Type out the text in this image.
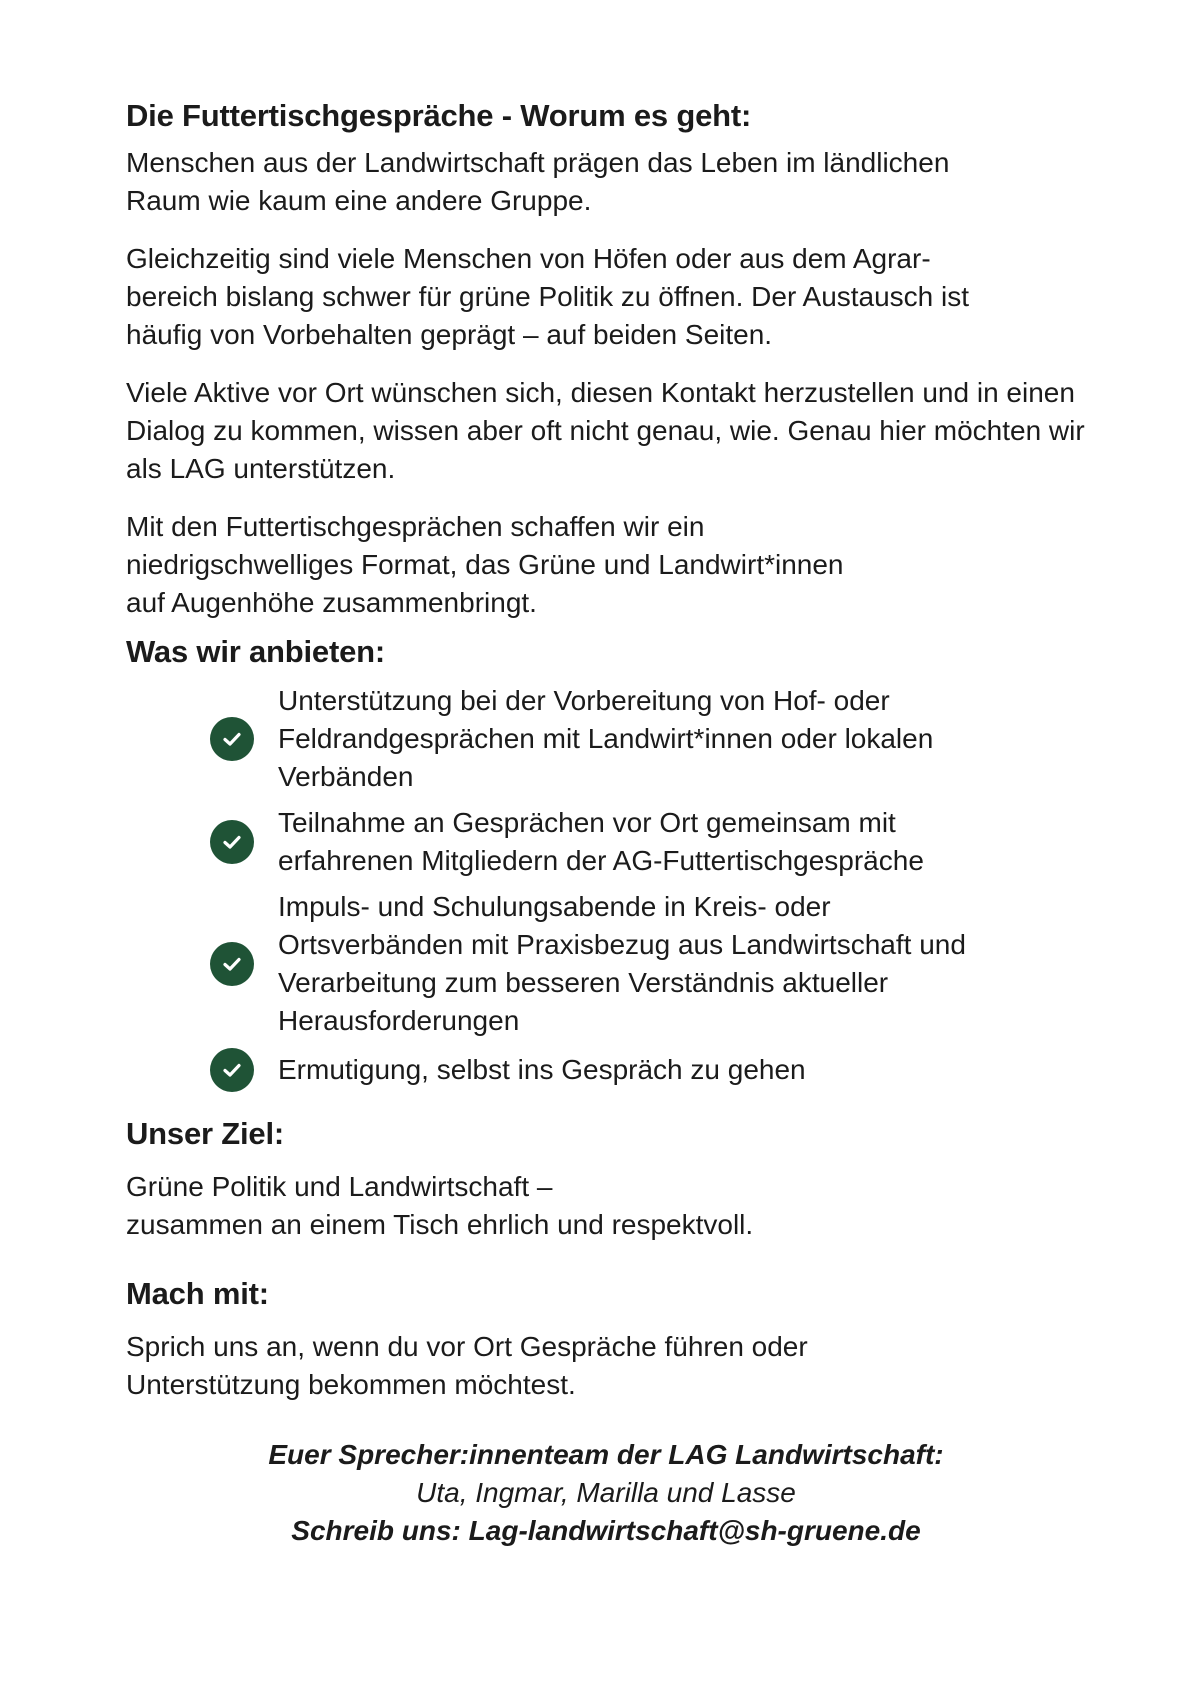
Die Futtertischgespräche - Worum es geht:

Menschen aus der Landwirtschaft prägen das Leben im ländlichen Raum wie kaum eine andere Gruppe.

Gleichzeitig sind viele Menschen von Höfen oder aus dem Agrar-bereich bislang schwer für grüne Politik zu öffnen. Der Austausch ist häufig von Vorbehalten geprägt – auf beiden Seiten.

Viele Aktive vor Ort wünschen sich, diesen Kontakt herzustellen und in einen Dialog zu kommen, wissen aber oft nicht genau, wie. Genau hier möchten wir als LAG unterstützen.

Mit den Futtertischgesprächen schaffen wir ein niedrigschwelliges Format, das Grüne und Landwirt*innen auf Augenhöhe zusammenbringt.

Was wir anbieten:
Unterstützung bei der Vorbereitung von Hof- oder Feldrandgesprächen mit Landwirt*innen oder lokalen Verbänden
Teilnahme an Gesprächen vor Ort gemeinsam mit erfahrenen Mitgliedern der AG-Futtertischgespräche
Impuls- und Schulungsabende in Kreis- oder Ortsverbänden mit Praxisbezug aus Landwirtschaft und Verarbeitung zum besseren Verständnis aktueller Herausforderungen
Ermutigung, selbst ins Gespräch zu gehen
Unser Ziel:

Grüne Politik und Landwirtschaft –

zusammen an einem Tisch ehrlich und respektvoll.

Mach mit:

Sprich uns an, wenn du vor Ort Gespräche führen oder Unterstützung bekommen möchtest.

Euer Sprecher:innenteam der LAG Landwirtschaft:

Uta, Ingmar, Marilla und Lasse

Schreib uns: Lag-landwirtschaft@sh-gruene.de
